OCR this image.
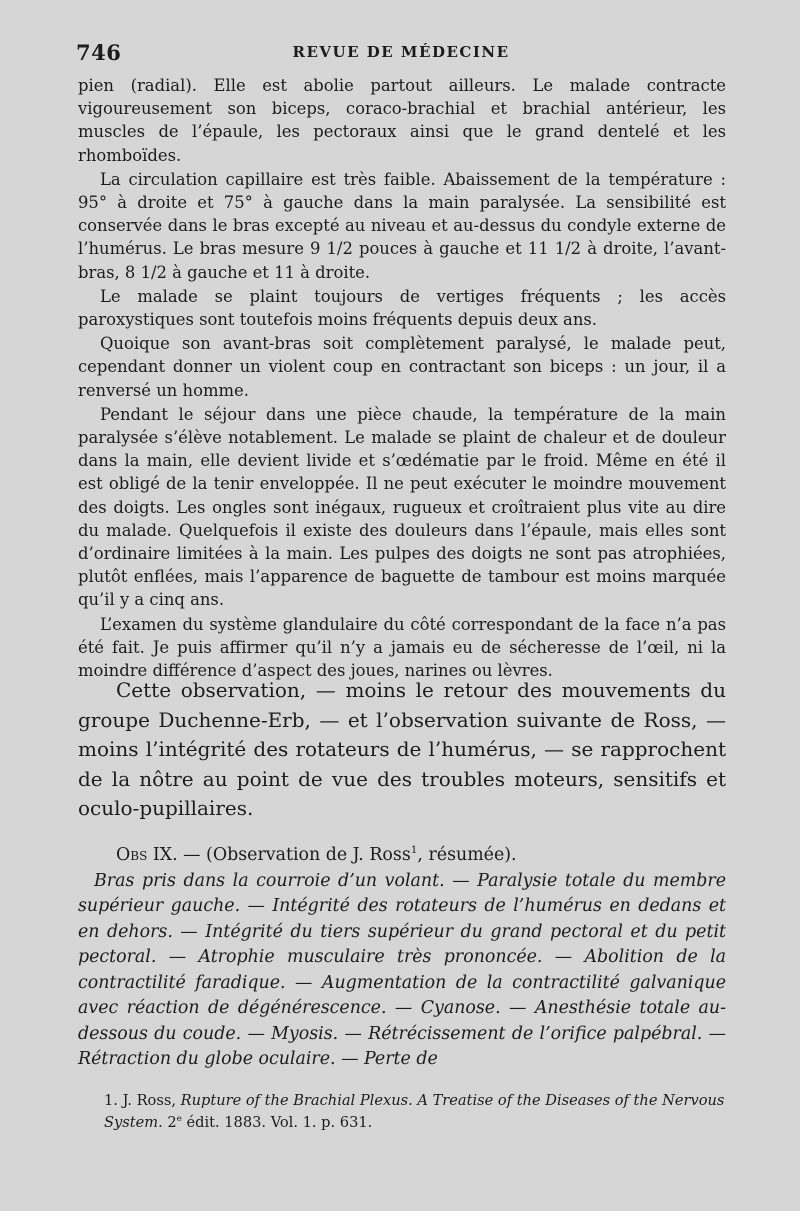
746	REVUE DE MÉDECINE

pien (radial). Elle est abolie partout ailleurs. Le malade contracte vigoureusement son biceps, coraco-brachial et brachial antérieur, les muscles de l’épaule, les pectoraux ainsi que le grand dentelé et les rhomboïdes.

La circulation capillaire est très faible. Abaissement de la température : 95° à droite et 75° à gauche dans la main paralysée. La sensibilité est conservée dans le bras excepté au niveau et au-dessus du condyle externe de l’humérus. Le bras mesure 9 1/2 pouces à gauche et 11 1/2 à droite, l’avant-bras, 8 1/2 à gauche et 11 à droite.

Le malade se plaint toujours de vertiges fréquents ; les accès paroxystiques sont toutefois moins fréquents depuis deux ans.

Quoique son avant-bras soit complètement paralysé, le malade peut, cependant donner un violent coup en contractant son biceps : un jour, il a renversé un homme.

Pendant le séjour dans une pièce chaude, la température de la main paralysée s’élève notablement. Le malade se plaint de chaleur et de douleur dans la main, elle devient livide et s’œdématie par le froid. Même en été il est obligé de la tenir enveloppée. Il ne peut exécuter le moindre mouvement des doigts. Les ongles sont inégaux, rugueux et croîtraient plus vite au dire du malade. Quelquefois il existe des douleurs dans l’épaule, mais elles sont d’ordinaire limitées à la main. Les pulpes des doigts ne sont pas atrophiées, plutôt enflées, mais l’apparence de baguette de tambour est moins marquée qu’il y a cinq ans.

L’examen du système glandulaire du côté correspondant de la face n’a pas été fait. Je puis affirmer qu’il n’y a jamais eu de sécheresse de l’œil, ni la moindre différence d’aspect des joues, narines ou lèvres.

Cette observation, — moins le retour des mouvements du groupe Duchenne-Erb, — et l’observation suivante de Ross, — moins l’intégrité des rotateurs de l’humérus, — se rapprochent de la nôtre au point de vue des troubles moteurs, sensitifs et oculo-pupillaires.

Obs IX. — (Observation de J. Ross$^1$, résumée).

Bras pris dans la courroie d’un volant. — Paralysie totale du membre supérieur gauche. — Intégrité des rotateurs de l’humérus en dedans et en dehors. — Intégrité du tiers supérieur du grand pectoral et du petit pectoral. — Atrophie musculaire très prononcée. — Abolition de la contractilité faradique. — Augmentation de la contractilité galvanique avec réaction de dégénérescence. — Cyanose. — Anesthésie totale au-dessous du coude. — Myosis. — Rétrécissement de l’orifice palpébral. — Rétraction du globe oculaire. — Perte de

1. J. Ross, Rupture of the Brachial Plexus. A Treatise of the Diseases of the Nervous System. 2e édit. 1883. Vol. 1. p. 631.
